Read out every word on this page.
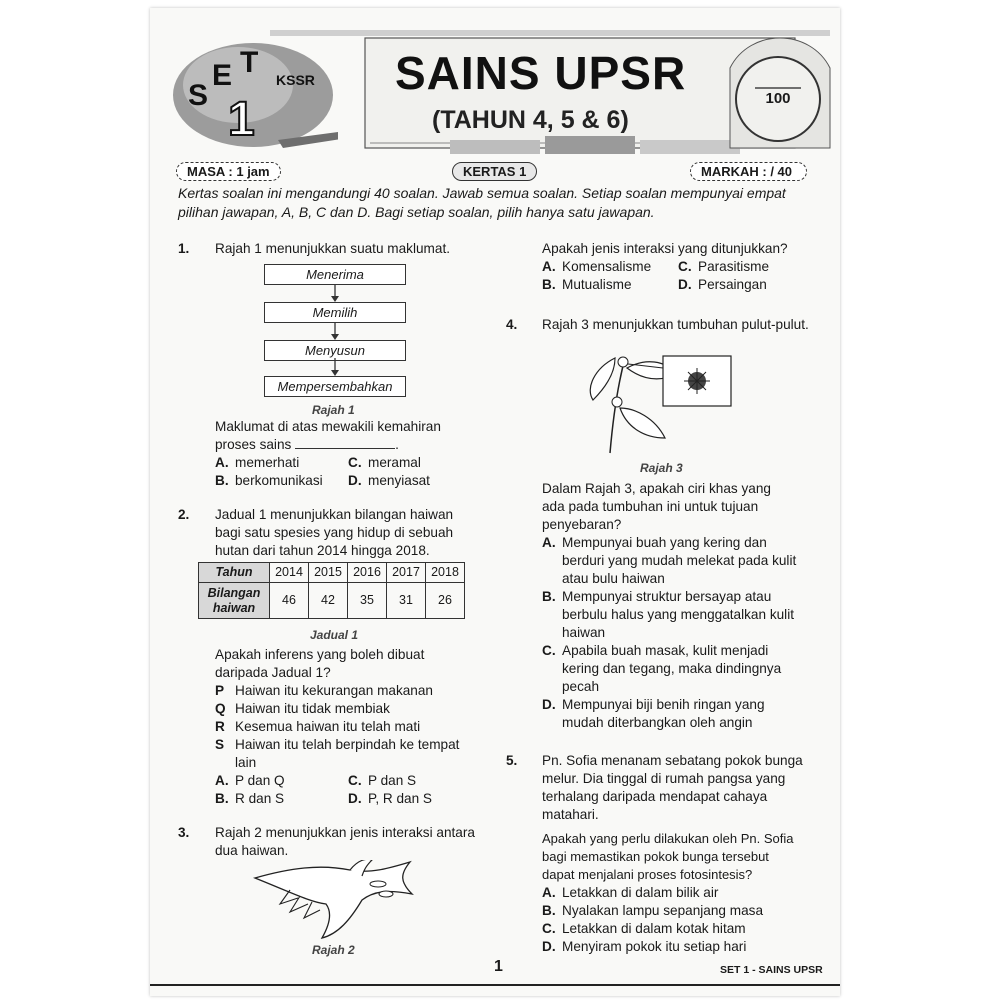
S
E T
1
KSSR SAINS UPSR
(TAHUN 4, 5 & 6)
100
MASA : 1 jam	KERTAS 1	MARKAH : / 40
Kertas soalan ini mengandungi 40 soalan. Jawab semua soalan. Setiap soalan mempunyai empat
pilihan jawapan, A, B, C dan D. Bagi setiap soalan, pilih hanya satu jawapan.
1. Rajah 1 menunjukkan suatu maklumat.
Menerima
Memilih
Menyusun
Mempersembahkan
Rajah 1
Maklumat di atas mewakili kemahiran
proses sains	.
A. memerhati	C. meramal
B. berkomunikasi D. menyiasat
2. Jadual 1 menunjukkan bilangan haiwan
bagi satu spesies yang hidup di sebuah
hutan dari tahun 2014 hingga 2018.
Tahun	2014	2015	2016	2017	2018

Bilangan
haiwan	46	42	35	31	26
Jadual 1
Apakah inferens yang boleh dibuat
daripada Jadual 1?
P Haiwan itu kekurangan makanan
Q Haiwan itu tidak membiak
R Kesemua haiwan itu telah mati
S Haiwan itu telah berpindah ke tempat
lain
A. P dan Q	C. P dan S
B. R dan S	D. P, R dan S
3. Rajah 2 menunjukkan jenis interaksi antara
dua haiwan.
Rajah 2
Apakah jenis interaksi yang ditunjukkan?
A. Komensalisme C. Parasitisme
B. Mutualisme	D. Persaingan
4. Rajah 3 menunjukkan tumbuhan pulut-pulut.
Rajah 3
Dalam Rajah 3, apakah ciri khas yang
ada pada tumbuhan ini untuk tujuan
penyebaran?
A. Mempunyai buah yang kering dan
berduri yang mudah melekat pada kulit
atau bulu haiwan
B. Mempunyai struktur bersayap atau
berbulu halus yang menggatalkan kulit
haiwan
C. Apabila buah masak, kulit menjadi
kering dan tegang, maka dindingnya
pecah
D. Mempunyai biji benih ringan yang
mudah diterbangkan oleh angin
5. Pn. Sofia menanam sebatang pokok bunga
melur. Dia tinggal di rumah pangsa yang
terhalang daripada mendapat cahaya
matahari.
Apakah yang perlu dilakukan oleh Pn. Sofia
bagi memastikan pokok bunga tersebut
dapat menjalani proses fotosintesis?
A. Letakkan di dalam bilik air
B. Nyalakan lampu sepanjang masa
C. Letakkan di dalam kotak hitam
D. Menyiram pokok itu setiap hari
1	SET 1 - SAINS UPSR
